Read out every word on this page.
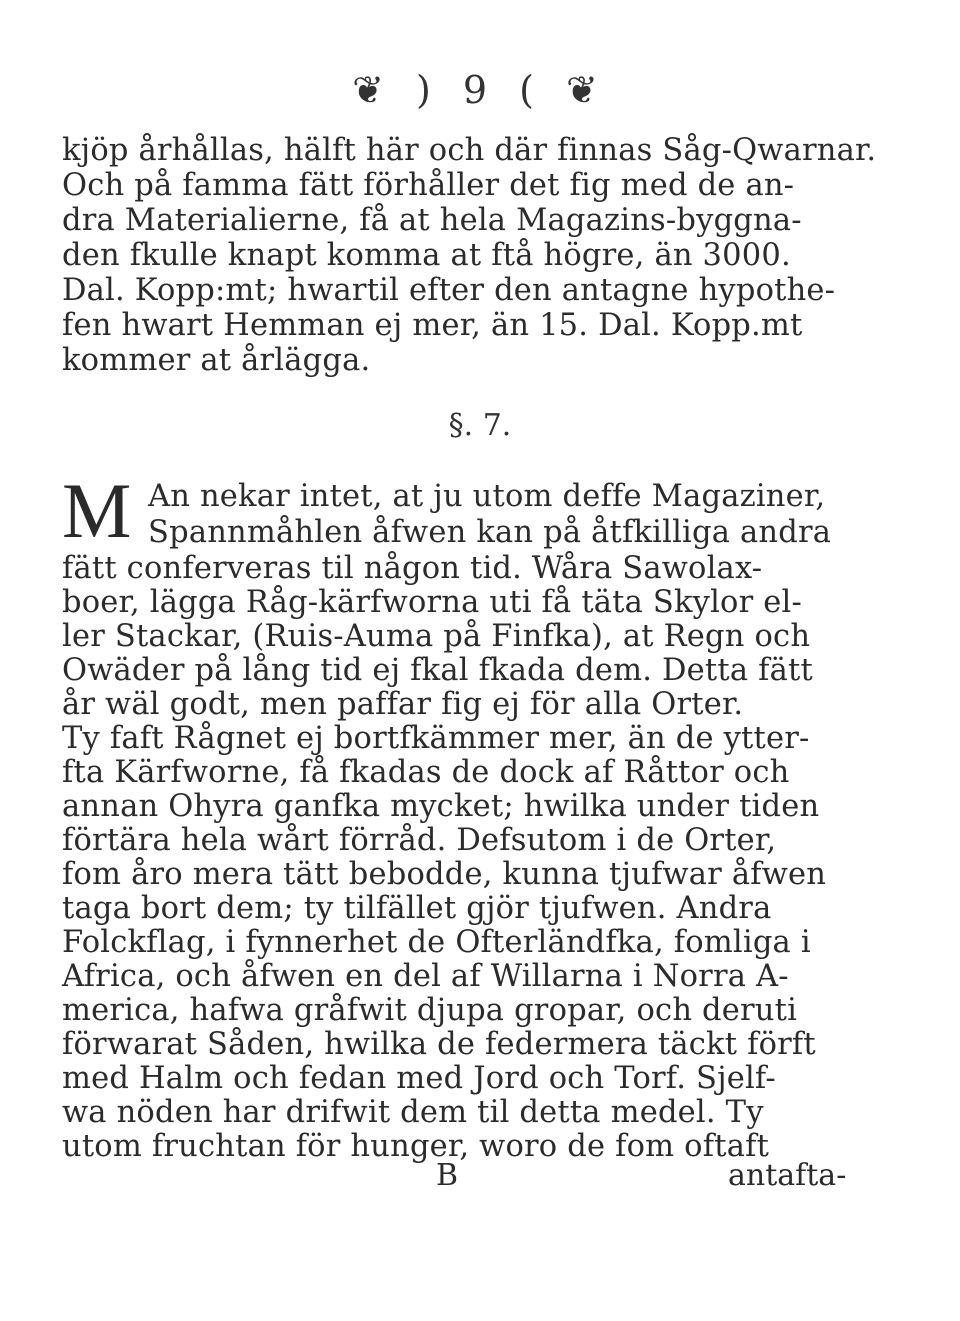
❦ ) 9 ( ❦
kjöp århållas, hälft här och där finnas Såg-Qwarnar.
Och på famma fätt förhåller det fig med de an-
dra Materialierne, få at hela Magazins-byggna-
den fkulle knapt komma at ftå högre, än 3000.
Dal. Kopp:mt; hwartil efter den antagne hypothe-
fen hwart Hemman ej mer, än 15. Dal. Kopp.mt
kommer at årlägga.
§. 7.
M An nekar intet, at ju utom deffe Magaziner,
Spannmåhlen åfwen kan på åtfkilliga andra
fätt conferveras til någon tid. Wåra Sawolax-
boer, lägga Råg-kärfworna uti få täta Skylor el-
ler Stackar, (Ruis-Auma på Finfka), at Regn och
Owäder på lång tid ej fkal fkada dem. Detta fätt
år wäl godt, men paffar fig ej för alla Orter.
Ty faft Rågnet ej bortfkämmer mer, än de ytter-
fta Kärfworne, få fkadas de dock af Råttor och
annan Ohyra ganfka mycket; hwilka under tiden
förtära hela wårt förråd. Defsutom i de Orter,
fom åro mera tätt bebodde, kunna tjufwar åfwen
taga bort dem; ty tilfället gjör tjufwen. Andra
Folckflag, i fynnerhet de Ofterländfka, fomliga i
Africa, och åfwen en del af Willarna i Norra A-
merica, hafwa gråfwit djupa gropar, och deruti
förwarat Såden, hwilka de federmera täckt förft
med Halm och fedan med Jord och Torf. Sjelf-
wa nöden har drifwit dem til detta medel. Ty
utom fruchtan för hunger, woro de fom oftaft
B	antafta-
